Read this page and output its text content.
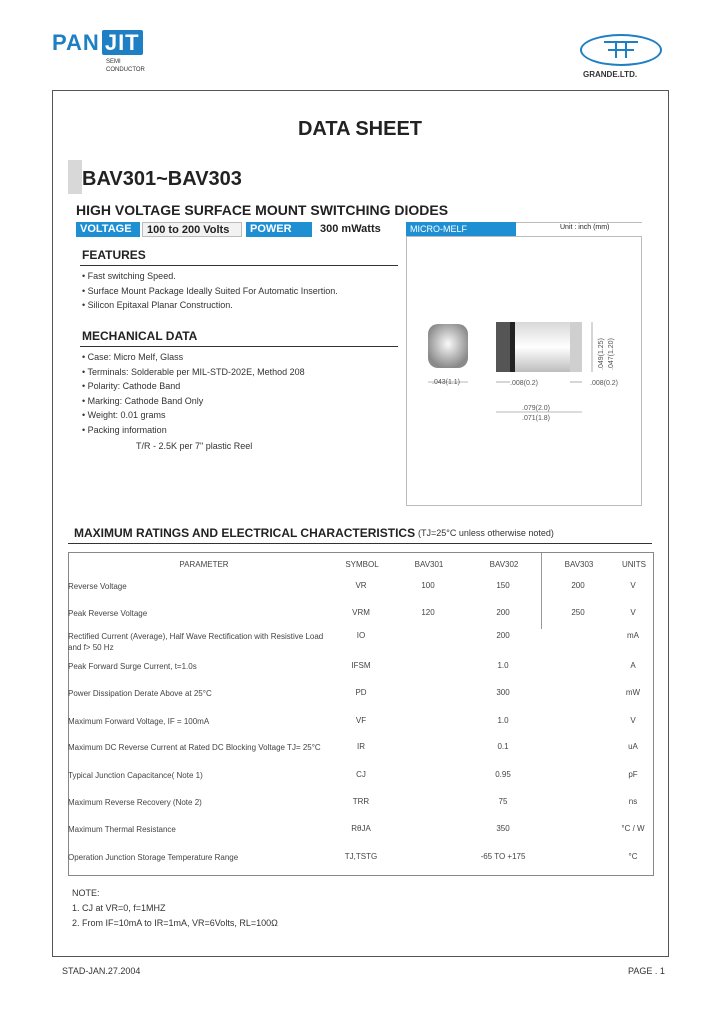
PAN JIT
SEMI
CONDUCTOR	GRANDE.LTD.
DATA SHEET
BAV301~BAV303
HIGH VOLTAGE SURFACE MOUNT SWITCHING DIODES
VOLTAGE	100 to 200 Volts	POWER	300 mWatts	MICRO-MELF	Unit : inch (mm)
FEATURES
• Fast switching Speed.
• Surface Mount Package Ideally Suited For Automatic Insertion.
• Silicon Epitaxal Planar Construction.
MECHANICAL DATA
• Case: Micro Melf, Glass
• Terminals: Solderable per MIL-STD-202E, Method 208
• Polarity: Cathode Band
• Marking: Cathode Band Only
• Weight: 0.01 grams
• Packing information
T/R - 2.5K per 7" plastic Reel
.043(1.1)	.008(0.2)	.008(0.2)
.079(2.0)
.071(1.8)
.049(1.25) .047(1.20)
MAXIMUM RATINGS AND ELECTRICAL CHARACTERISTICS (TJ=25°C unless otherwise noted)
PARAMETER	SYMBOL	BAV301	BAV302	BAV303	UNITS
Reverse Voltage	VR	100	150	200	V
Peak Reverse Voltage	VRM	120	200	250	V
Rectified Current (Average), Half Wave Rectification with Resistive Load and f> 50 Hz
IO	200	mA
Peak Forward Surge Current, t=1.0s	IFSM	1.0	A
Power Dissipation Derate Above at 25°C	PD	300	mW
Maximum Forward Voltage, IF = 100mA	VF	1.0	V
Maximum DC Reverse Current at Rated DC Blocking Voltage TJ= 25°C	IR	0.1	uA
Typical Junction Capacitance( Note 1)	CJ	0.95	pF
Maximum Reverse Recovery (Note 2)	TRR	75	ns
Maximum Thermal Resistance	RθJA	350	°C / W
Operation Junction Storage Temperature Range	TJ,TSTG	-65 TO +175	°C
NOTE:
1. CJ at VR=0, f=1MHZ
2. From IF=10mA to IR=1mA, VR=6Volts, RL=100Ω
STAD-JAN.27.2004	PAGE . 1
